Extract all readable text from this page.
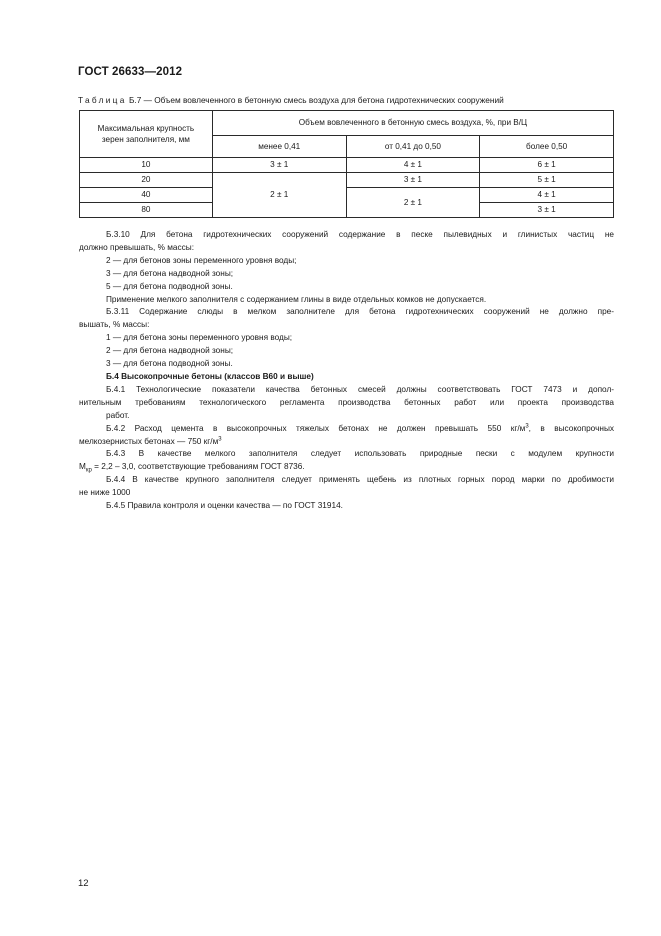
ГОСТ 26633—2012
Таблица Б.7 — Объем вовлеченного в бетонную смесь воздуха для бетона гидротехнических сооружений
Максимальная крупность зерен заполнителя, мм	Объем вовлеченного в бетонную смесь воздуха, %, при В/Ц		
	менее 0,41	от 0,41 до 0,50	более 0,50
10	3 ± 1	4 ± 1	6 ± 1
20	2 ± 1	3 ± 1	5 ± 1
40		2 ± 1	4 ± 1
80			3 ± 1

Б.3.10 Для бетона гидротехнических сооружений содержание в песке пылевидных и глинистых частиц не

должно превышать, % массы:

2 — для бетонов зоны переменного уровня воды;

3 — для бетона надводной зоны;

5 — для бетона подводной зоны.

Применение мелкого заполнителя с содержанием глины в виде отдельных комков не допускается.

Б.3.11 Содержание слюды в мелком заполнителе для бетона гидротехнических сооружений не должно пре-

вышать, % массы:

1 — для бетона зоны переменного уровня воды;

2 — для бетона надводной зоны;

3 — для бетона подводной зоны.

Б.4 Высокопрочные бетоны (классов В60 и выше)

Б.4.1 Технологические показатели качества бетонных смесей должны соответствовать ГОСТ 7473 и допол-

нительным требованиям технологического регламента производства бетонных работ или проекта производства

работ.

Б.4.2 Расход цемента в высокопрочных тяжелых бетонах не должен превышать 550 $кг/м^3$, в высокопрочных

мелкозернистых бетонах — 750 $кг/м^3$

Б.4.3 В качестве мелкого заполнителя следует использовать природные пески с модулем крупности

$М_{кр} = 2,2 - 3,0$, соответствующие требованиям ГОСТ 8736.

Б.4.4 В качестве крупного заполнителя следует применять щебень из плотных горных пород марки по дробимости

не ниже 1000

Б.4.5 Правила контроля и оценки качества — по ГОСТ 31914.

12
